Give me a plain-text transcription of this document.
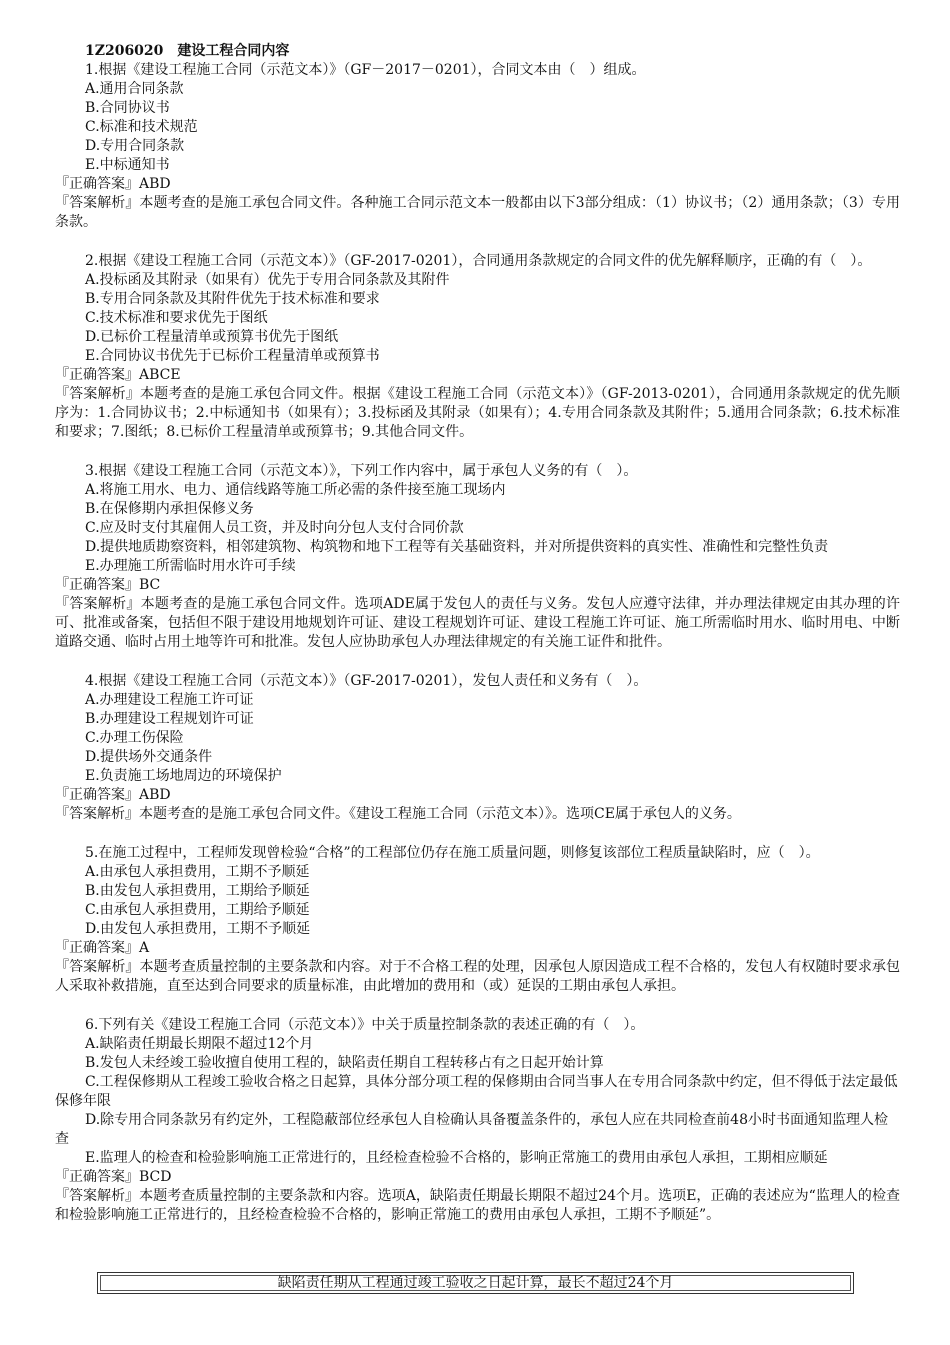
1Z206020 建设工程合同内容
1.根据《建设工程施工合同（示范文本）》（GF－2017－0201），合同文本由（　）组成。
A.通用合同条款
B.合同协议书
C.标准和技术规范
D.专用合同条款
E.中标通知书
『正确答案』ABD
『答案解析』本题考查的是施工承包合同文件。各种施工合同示范文本一般都由以下3部分组成：（1）协议书；（2）通用条款；（3）专用条款。
2.根据《建设工程施工合同（示范文本）》（GF-2017-0201），合同通用条款规定的合同文件的优先解释顺序，正确的有（　）。
A.投标函及其附录（如果有）优先于专用合同条款及其附件
B.专用合同条款及其附件优先于技术标准和要求
C.技术标准和要求优先于图纸
D.已标价工程量清单或预算书优先于图纸
E.合同协议书优先于已标价工程量清单或预算书
『正确答案』ABCE
『答案解析』本题考查的是施工承包合同文件。根据《建设工程施工合同（示范文本）》（GF-2013-0201），合同通用条款规定的优先顺序为：1.合同协议书；2.中标通知书（如果有）；3.投标函及其附录（如果有）；4.专用合同条款及其附件；5.通用合同条款；6.技术标准和要求；7.图纸；8.已标价工程量清单或预算书；9.其他合同文件。
3.根据《建设工程施工合同（示范文本）》，下列工作内容中，属于承包人义务的有（　）。
A.将施工用水、电力、通信线路等施工所必需的条件接至施工现场内
B.在保修期内承担保修义务
C.应及时支付其雇佣人员工资，并及时向分包人支付合同价款
D.提供地质勘察资料，相邻建筑物、构筑物和地下工程等有关基础资料，并对所提供资料的真实性、准确性和完整性负责
E.办理施工所需临时用水许可手续
『正确答案』BC
『答案解析』本题考查的是施工承包合同文件。选项ADE属于发包人的责任与义务。发包人应遵守法律，并办理法律规定由其办理的许可、批准或备案，包括但不限于建设用地规划许可证、建设工程规划许可证、建设工程施工许可证、施工所需临时用水、临时用电、中断道路交通、临时占用土地等许可和批准。发包人应协助承包人办理法律规定的有关施工证件和批件。
4.根据《建设工程施工合同（示范文本）》（GF-2017-0201），发包人责任和义务有（　）。
A.办理建设工程施工许可证
B.办理建设工程规划许可证
C.办理工伤保险
D.提供场外交通条件
E.负责施工场地周边的环境保护
『正确答案』ABD
『答案解析』本题考查的是施工承包合同文件。《建设工程施工合同（示范文本）》。选项CE属于承包人的义务。
5.在施工过程中，工程师发现曾检验“合格”的工程部位仍存在施工质量问题，则修复该部位工程质量缺陷时，应（　）。
A.由承包人承担费用，工期不予顺延
B.由发包人承担费用，工期给予顺延
C.由承包人承担费用，工期给予顺延
D.由发包人承担费用，工期不予顺延
『正确答案』A
『答案解析』本题考查质量控制的主要条款和内容。对于不合格工程的处理，因承包人原因造成工程不合格的，发包人有权随时要求承包人采取补救措施，直至达到合同要求的质量标准，由此增加的费用和（或）延误的工期由承包人承担。
6.下列有关《建设工程施工合同（示范文本）》中关于质量控制条款的表述正确的有（　）。
A.缺陷责任期最长期限不超过12个月
B.发包人未经竣工验收擅自使用工程的，缺陷责任期自工程转移占有之日起开始计算
C.工程保修期从工程竣工验收合格之日起算，具体分部分项工程的保修期由合同当事人在专用合同条款中约定，但不得低于法定最低保修年限
D.除专用合同条款另有约定外，工程隐蔽部位经承包人自检确认具备覆盖条件的，承包人应在共同检查前48小时书面通知监理人检查
E.监理人的检查和检验影响施工正常进行的，且经检查检验不合格的，影响正常施工的费用由承包人承担，工期相应顺延
『正确答案』BCD
『答案解析』本题考查质量控制的主要条款和内容。选项A，缺陷责任期最长期限不超过24个月。选项E，正确的表述应为“监理人的检查和检验影响施工正常进行的，且经检查检验不合格的，影响正常施工的费用由承包人承担，工期不予顺延”。
缺陷责任期从工程通过竣工验收之日起计算，最长不超过24个月
